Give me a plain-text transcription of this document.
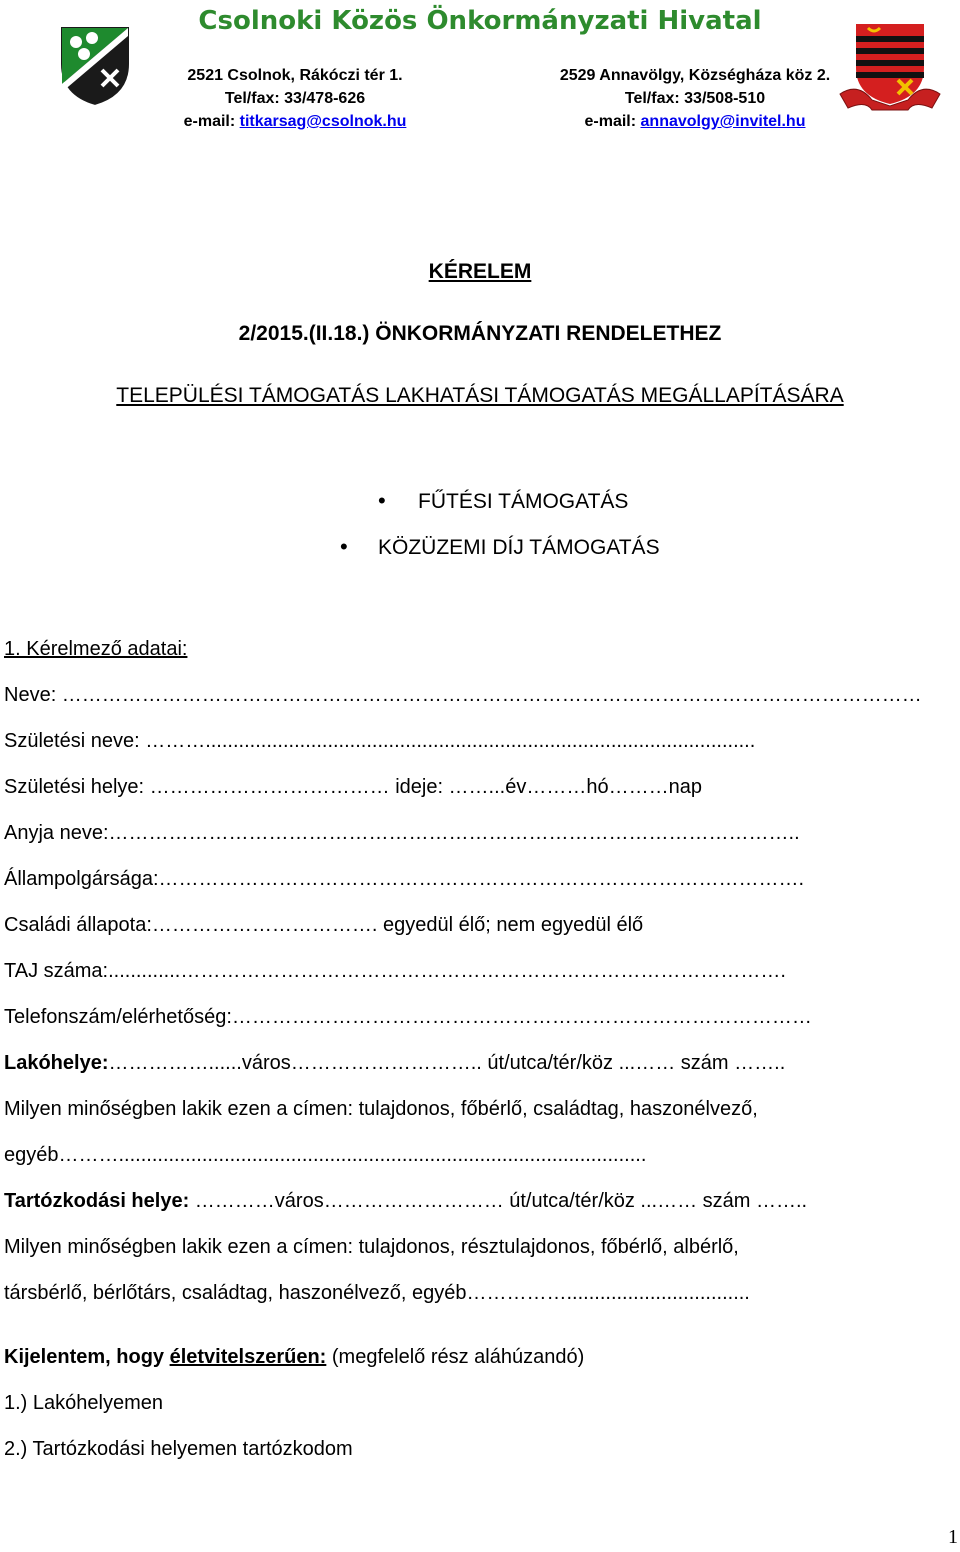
Csolnoki Közös Önkormányzati Hivatal
2521 Csolnok, Rákóczi tér 1.
Tel/fax: 33/478-626
e-mail: titkarsag@csolnok.hu
2529 Annavölgy, Községháza köz 2.
Tel/fax: 33/508-510
e-mail: annavolgy@invitel.hu
KÉRELEM
2/2015.(II.18.) ÖNKORMÁNYZATI RENDELETHEZ
TELEPÜLÉSI TÁMOGATÁS LAKHATÁSI TÁMOGATÁS MEGÁLLAPÍTÁSÁRA
• FŰTÉSI TÁMOGATÁS
• KÖZÜZEMI DÍJ TÁMOGATÁS
1. Kérelmező adatai:
Neve: …………………………………………………………………………………………………………………
Születési neve: ………...................................................................................................
Születési helye: ……………………………… ideje: ……...év………hó………nap
Anyja neve:…………………………………………………………………………………………..
Állampolgársága:…………………………………………………………………………………….
Családi állapota:……………………………. egyedül élő; nem egyedül élő
TAJ száma:.............……………………………………………………………………………….
Telefonszám/elérhetőség:……………………………………………………………………………
Lakóhelye:……………......város……………………….. út/utca/tér/köz ...…… szám ……..
Milyen minőségben lakik ezen a címen: tulajdonos, főbérlő, családtag, haszonélvező,
egyéb………...............................................................................................
Tartózkodási helye: …………város……………………… út/utca/tér/köz ...…… szám ……..
Milyen minőségben lakik ezen a címen: tulajdonos, résztulajdonos, főbérlő, albérlő,
társbérlő, bérlőtárs, családtag, haszonélvező, egyéb…………….................................
Kijelentem, hogy életvitelszerűen: (megfelelő rész aláhúzandó)
1.) Lakóhelyemen
2.) Tartózkodási helyemen tartózkodom
1
